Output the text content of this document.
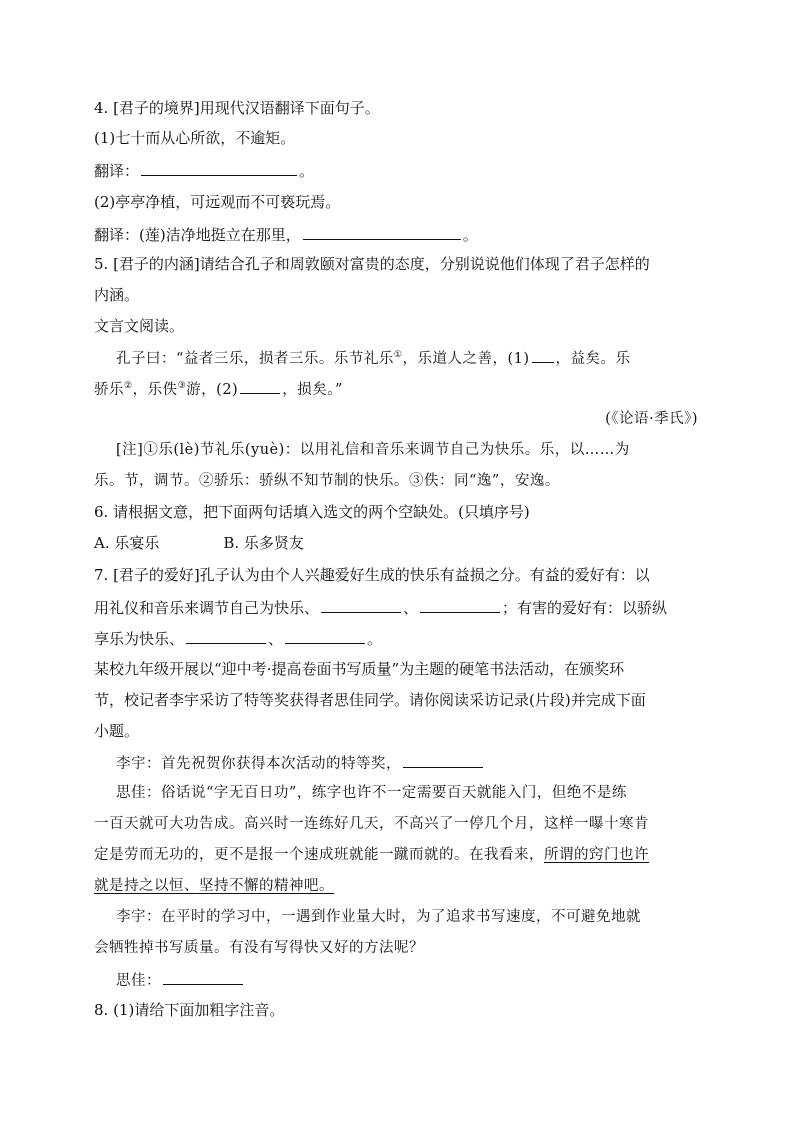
4. [君子的境界]用现代汉语翻译下面句子。
(1)七十而从心所欲，不逾矩。
翻译：	。
(2)亭亭净植，可远观而不可亵玩焉。
翻译：(莲)洁净地挺立在那里，	。
5. [君子的内涵]请结合孔子和周敦颐对富贵的态度，分别说说他们体现了君子怎样的
内涵。
文言文阅读。
孔子曰：“益者三乐，损者三乐。乐节礼乐①，乐道人之善，(1) ，益矣。乐
骄乐②，乐佚③游，(2)	，损矣。”
(《论语·季氏》)
[注]①乐(lè)节礼乐(yuè)：以用礼信和音乐来调节自己为快乐。乐，以……为
乐。节，调节。②骄乐：骄纵不知节制的快乐。③佚：同“逸”，安逸。
6. 请根据文意，把下面两句话填入选文的两个空缺处。(只填序号)
A. 乐宴乐	B. 乐多贤友
7. [君子的爱好]孔子认为由个人兴趣爱好生成的快乐有益损之分。有益的爱好有：以
用礼仪和音乐来调节自己为快乐、	、	；有害的爱好有：以骄纵
享乐为快乐、	、	。
某校九年级开展以“迎中考·提高卷面书写质量”为主题的硬笔书法活动，在颁奖环
节，校记者李宇采访了特等奖获得者思佳同学。请你阅读采访记录(片段)并完成下面
小题。
李宇：首先祝贺你获得本次活动的特等奖，
思佳：俗话说“字无百日功”，练字也许不一定需要百天就能入门，但绝不是练
一百天就可大功告成。高兴时一连练好几天，不高兴了一停几个月，这样一曝十寒肯
定是劳而无功的，更不是报一个速成班就能一蹴而就的。在我看来，所谓的窍门也许
就是持之以恒、坚持不懈的精神吧。
李宇：在平时的学习中，一遇到作业量大时，为了追求书写速度，不可避免地就
会牺牲掉书写质量。有没有写得快又好的方法呢？
思佳：
8. (1)请给下面加粗字注音。
